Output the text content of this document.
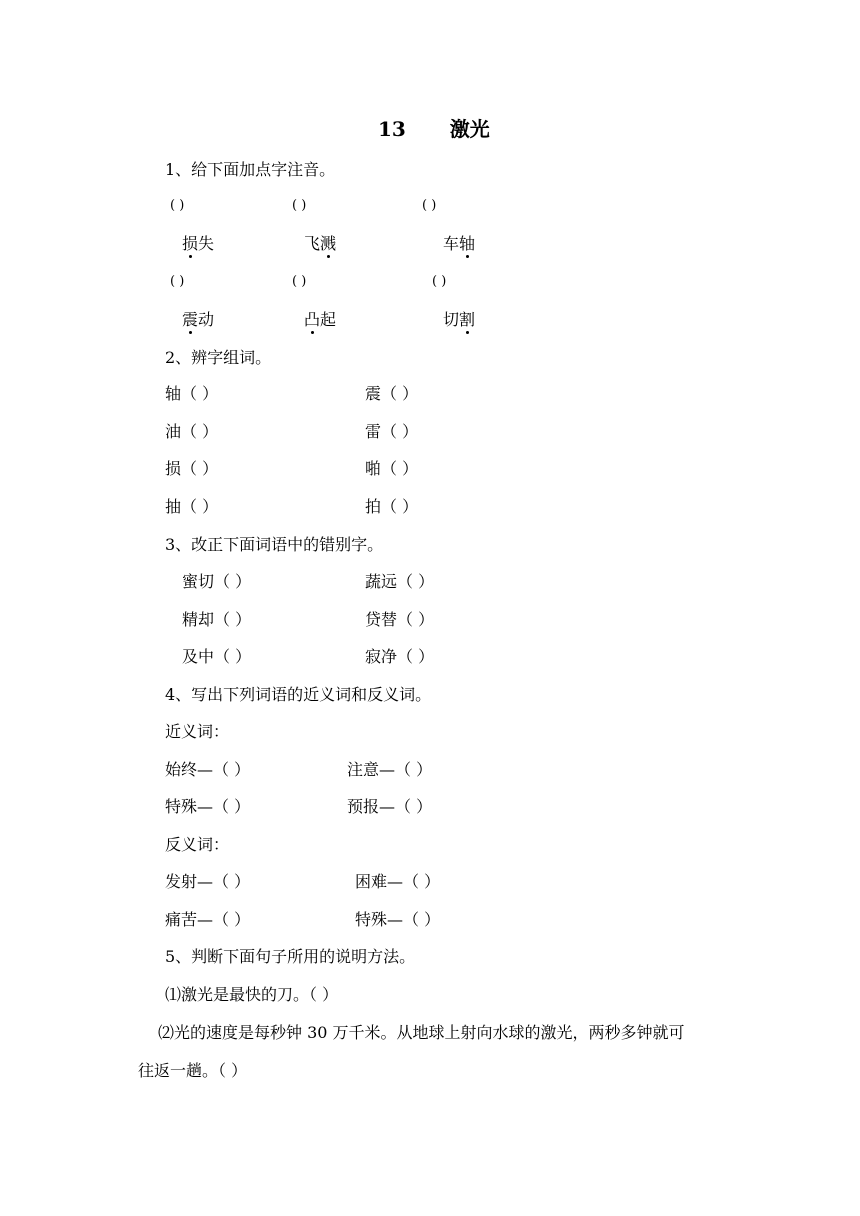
13 激光
1、给下面加点字注音。
( )	( )	( )
损失	飞溅	车轴
( )	( )	( )
震动	凸起	切割
2、辨字组词。
轴（ ）	震（ ）
油（ ）	雷（ ）
损（ ）	啪（ ）
抽（ ）	拍（ ）
3、改正下面词语中的错别字。
蜜切（ ）	蔬远（ ）
精却（ ）	贷替（ ）
及中（ ）	寂净（ ）
4、写出下列词语的近义词和反义词。
近义词：
始终—（ ）	注意—（ ）
特殊—（ ）	预报—（ ）
反义词：
发射—（ ）	困难—（ ）
痛苦—（ ）	特殊—（ ）
5、判断下面句子所用的说明方法。
⑴激光是最快的刀。（ ）
⑵光的速度是每秒钟 30 万千米。从地球上射向水球的激光，两秒多钟就可
往返一趟。（ ）
